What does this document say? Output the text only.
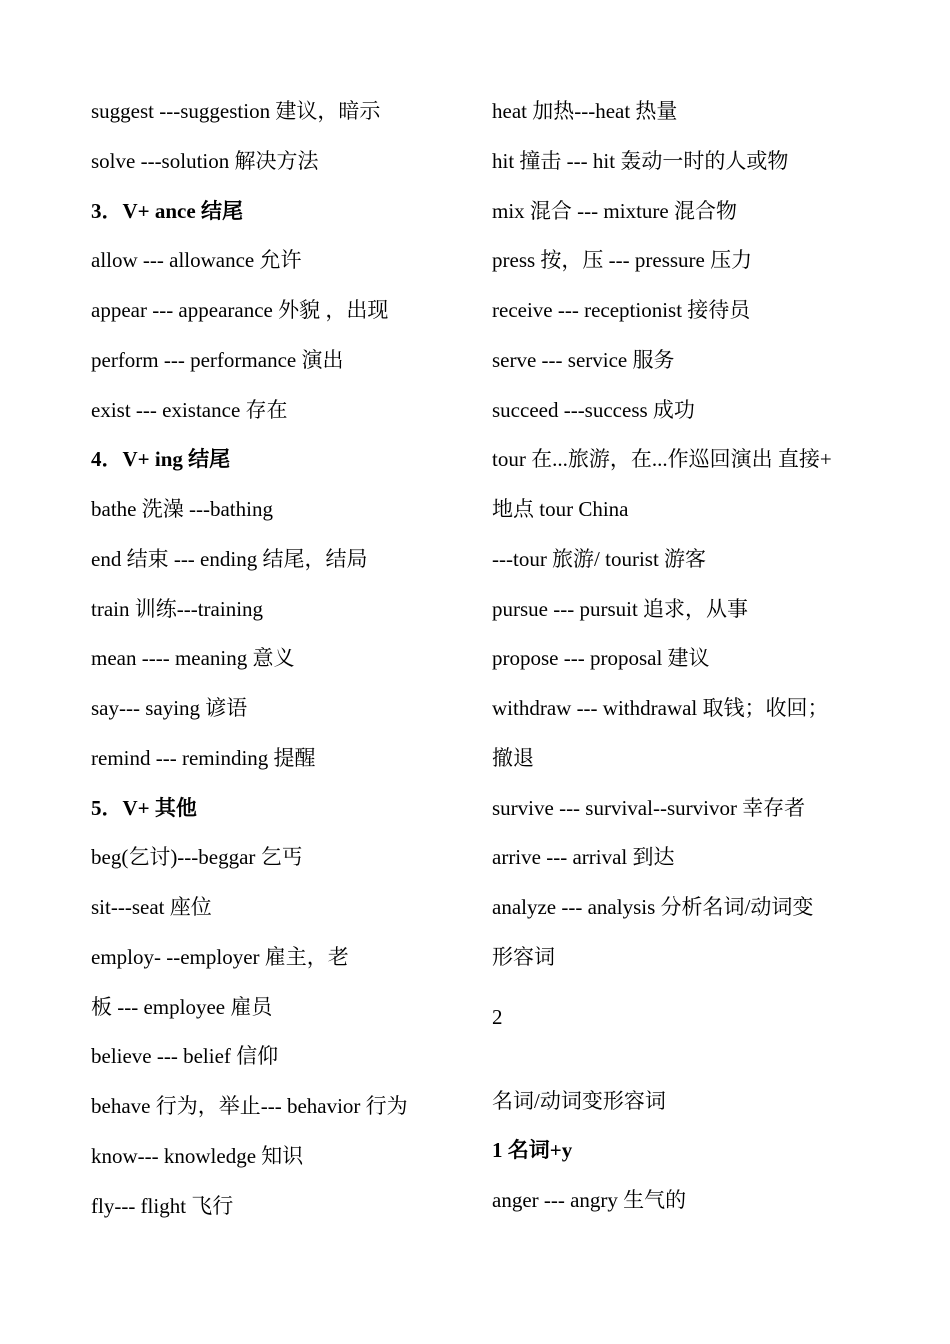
suggest ---suggestion 建议，暗示
solve ---solution 解决方法
3．V+ ance 结尾
allow --- allowance 允许
appear --- appearance 外貌 ，出现
perform --- performance 演出
exist --- existance 存在
4．V+ ing 结尾
bathe 洗澡 ---bathing
end 结束 --- ending 结尾，结局
train 训练---training
mean ---- meaning 意义
say--- saying 谚语
remind --- reminding 提醒
5．V+ 其他
beg(乞讨)---beggar 乞丐
sit---seat 座位
employ- --employer 雇主，老
板 --- employee 雇员
believe --- belief 信仰
behave 行为，举止--- behavior 行为
know--- knowledge 知识
fly--- flight 飞行
heat 加热---heat 热量
hit 撞击 --- hit 轰动一时的人或物
mix 混合 --- mixture 混合物
press 按，压 --- pressure 压力
receive --- receptionist 接待员
serve --- service 服务
succeed ---success 成功
tour 在...旅游，在...作巡回演出 直接+
地点 tour China
---tour 旅游/ tourist 游客
pursue --- pursuit 追求，从事
propose --- proposal 建议
withdraw --- withdrawal 取钱；收回；
撤退
survive --- survival--survivor 幸存者
arrive --- arrival 到达
analyze --- analysis 分析名词/动词变
形容词
2
名词/动词变形容词
1 名词+y
anger --- angry 生气的
